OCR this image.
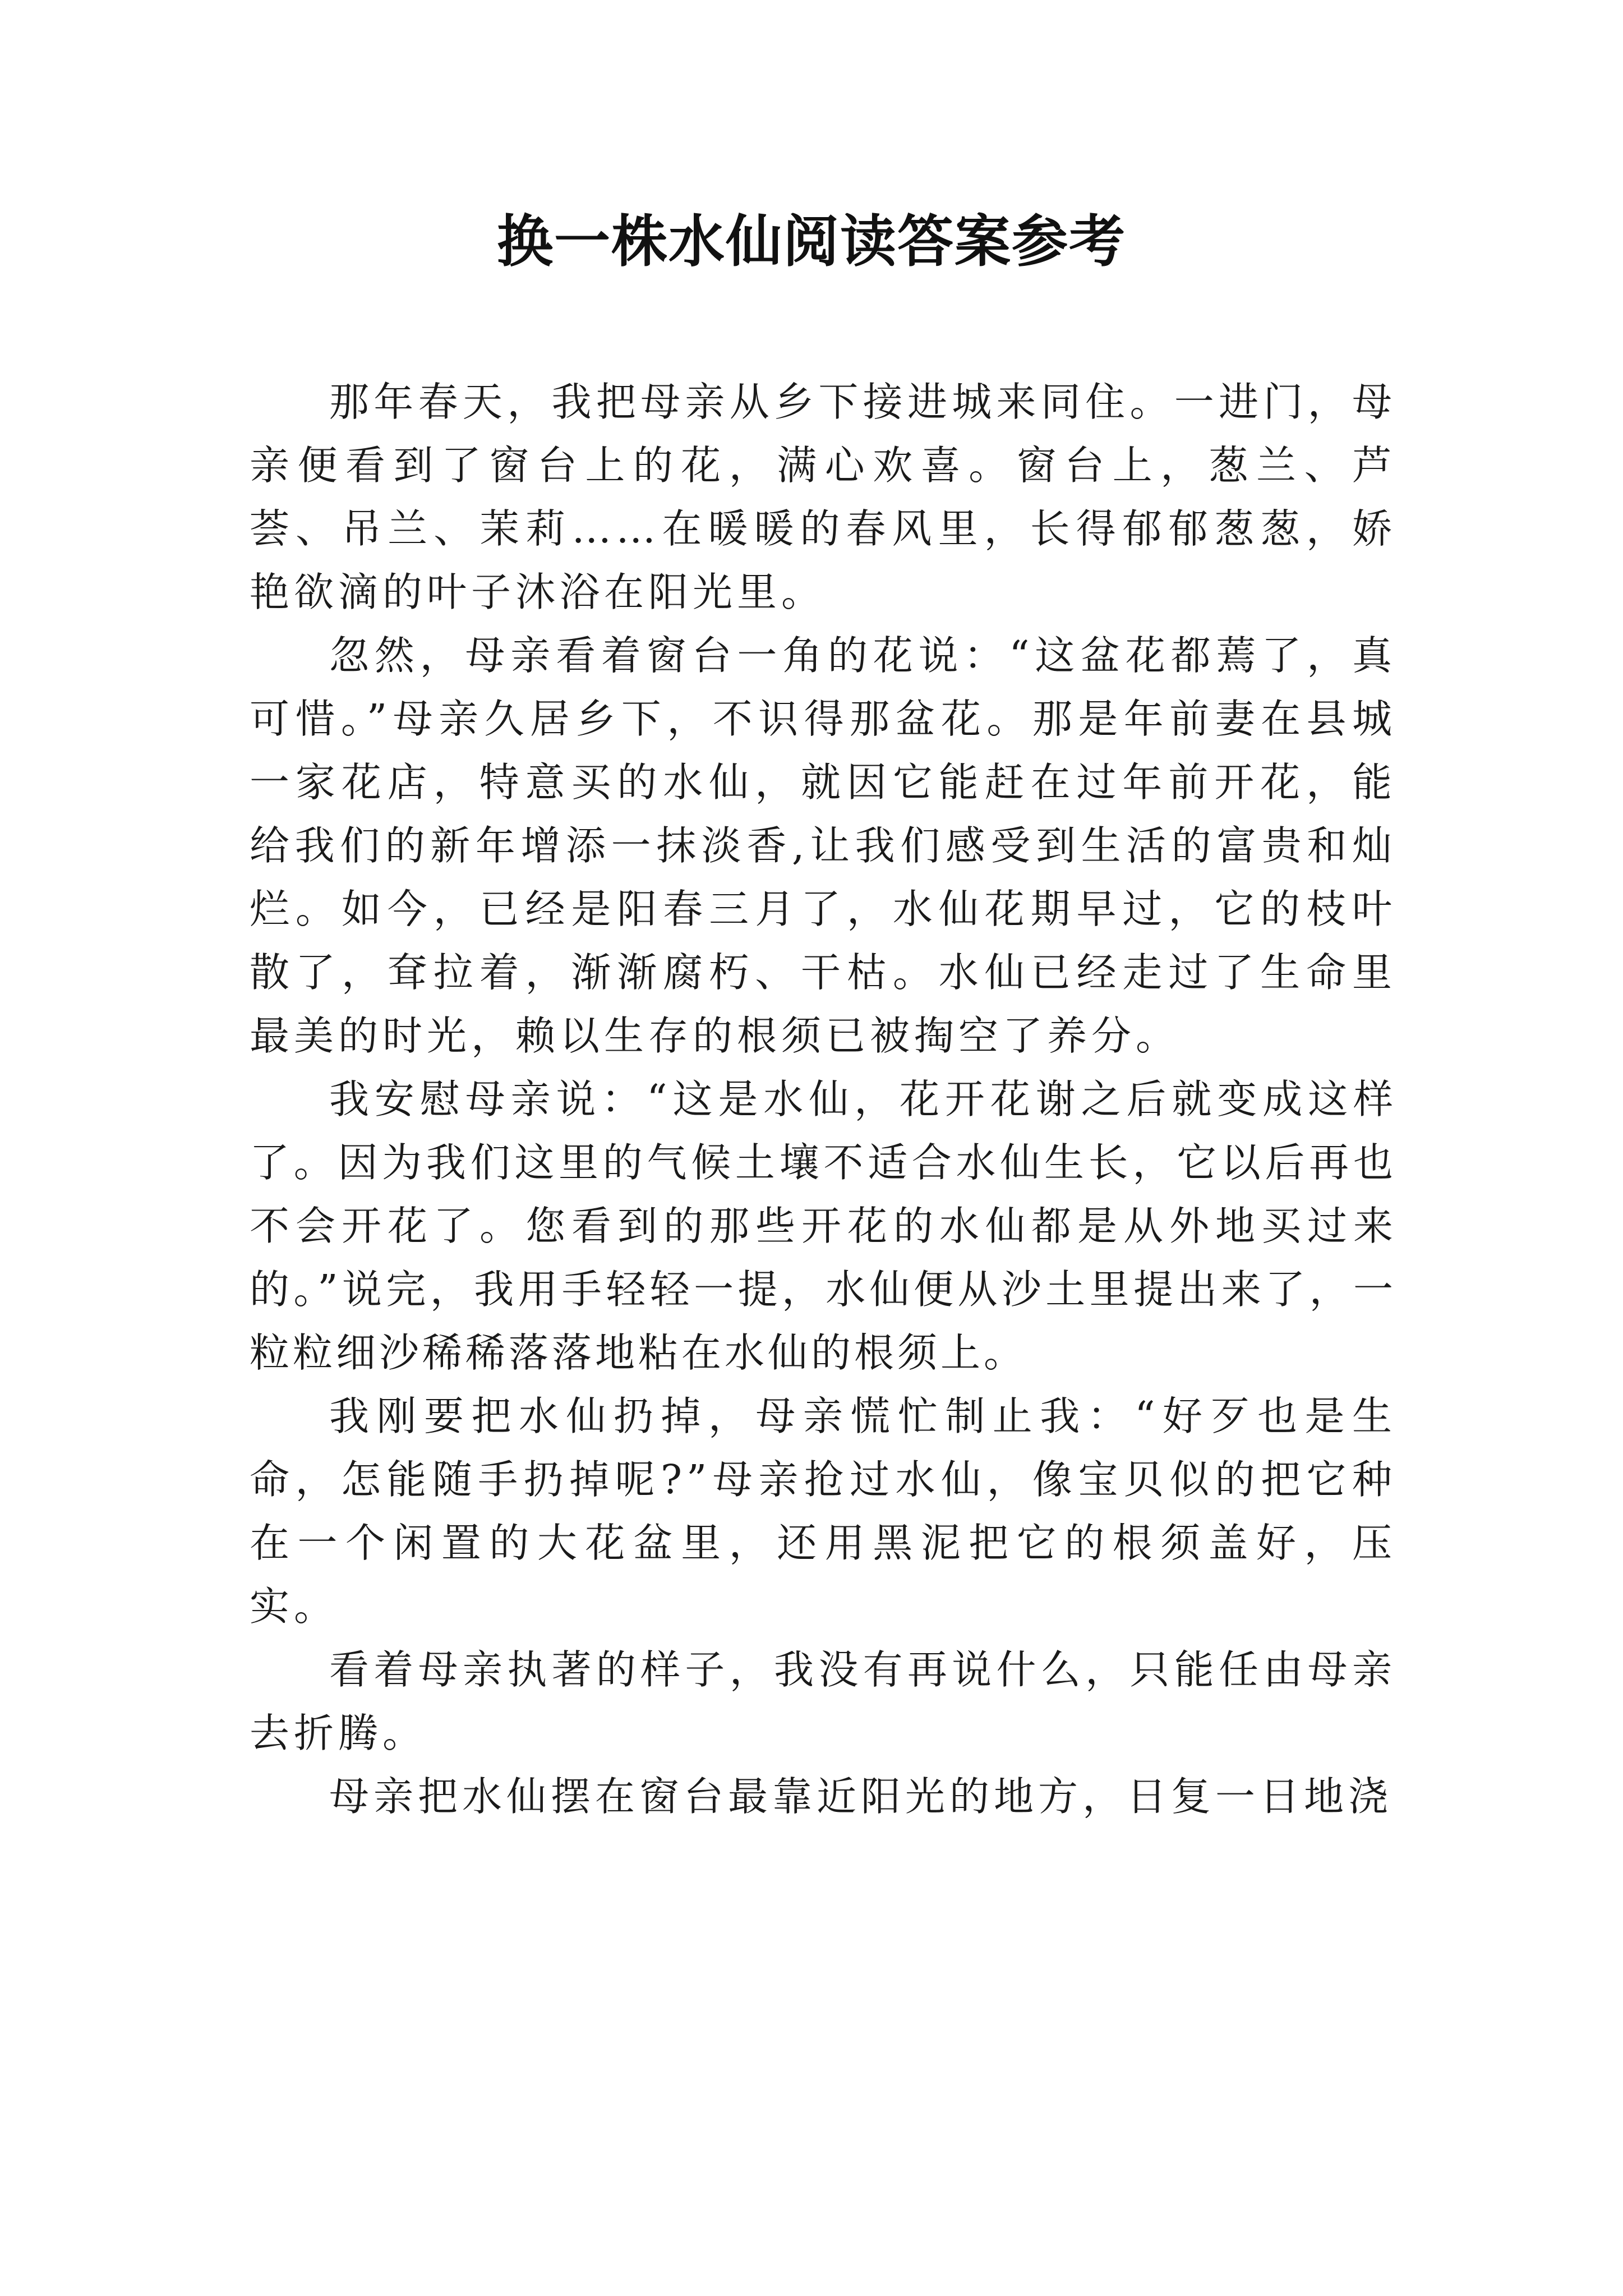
换一株水仙阅读答案参考

那年春天，我把母亲从乡下接进城来同住。一进门，母亲便看到了窗台上的花，满心欢喜。窗台上，葱兰、芦荟、吊兰、茉莉……在暖暖的春风里，长得郁郁葱葱，娇艳欲滴的叶子沐浴在阳光里。

忽然，母亲看着窗台一角的花说：“这盆花都蔫了，真可惜。”母亲久居乡下，不识得那盆花。那是年前妻在县城一家花店，特意买的水仙，就因它能赶在过年前开花，能给我们的新年增添一抹淡香,让我们感受到生活的富贵和灿烂。如今，已经是阳春三月了，水仙花期早过，它的枝叶散了，耷拉着，渐渐腐朽、干枯。水仙已经走过了生命里最美的时光，赖以生存的根须已被掏空了养分。

我安慰母亲说：“这是水仙，花开花谢之后就变成这样了。因为我们这里的气候土壤不适合水仙生长，它以后再也不会开花了。您看到的那些开花的水仙都是从外地买过来的。”说完，我用手轻轻一提，水仙便从沙土里提出来了，一粒粒细沙稀稀落落地粘在水仙的根须上。

我刚要把水仙扔掉，母亲慌忙制止我：“好歹也是生命，怎能随手扔掉呢?”母亲抢过水仙，像宝贝似的把它种在一个闲置的大花盆里，还用黑泥把它的根须盖好，压实。

看着母亲执著的样子，我没有再说什么，只能任由母亲去折腾。

母亲把水仙摆在窗台最靠近阳光的地方，日复一日地浇
